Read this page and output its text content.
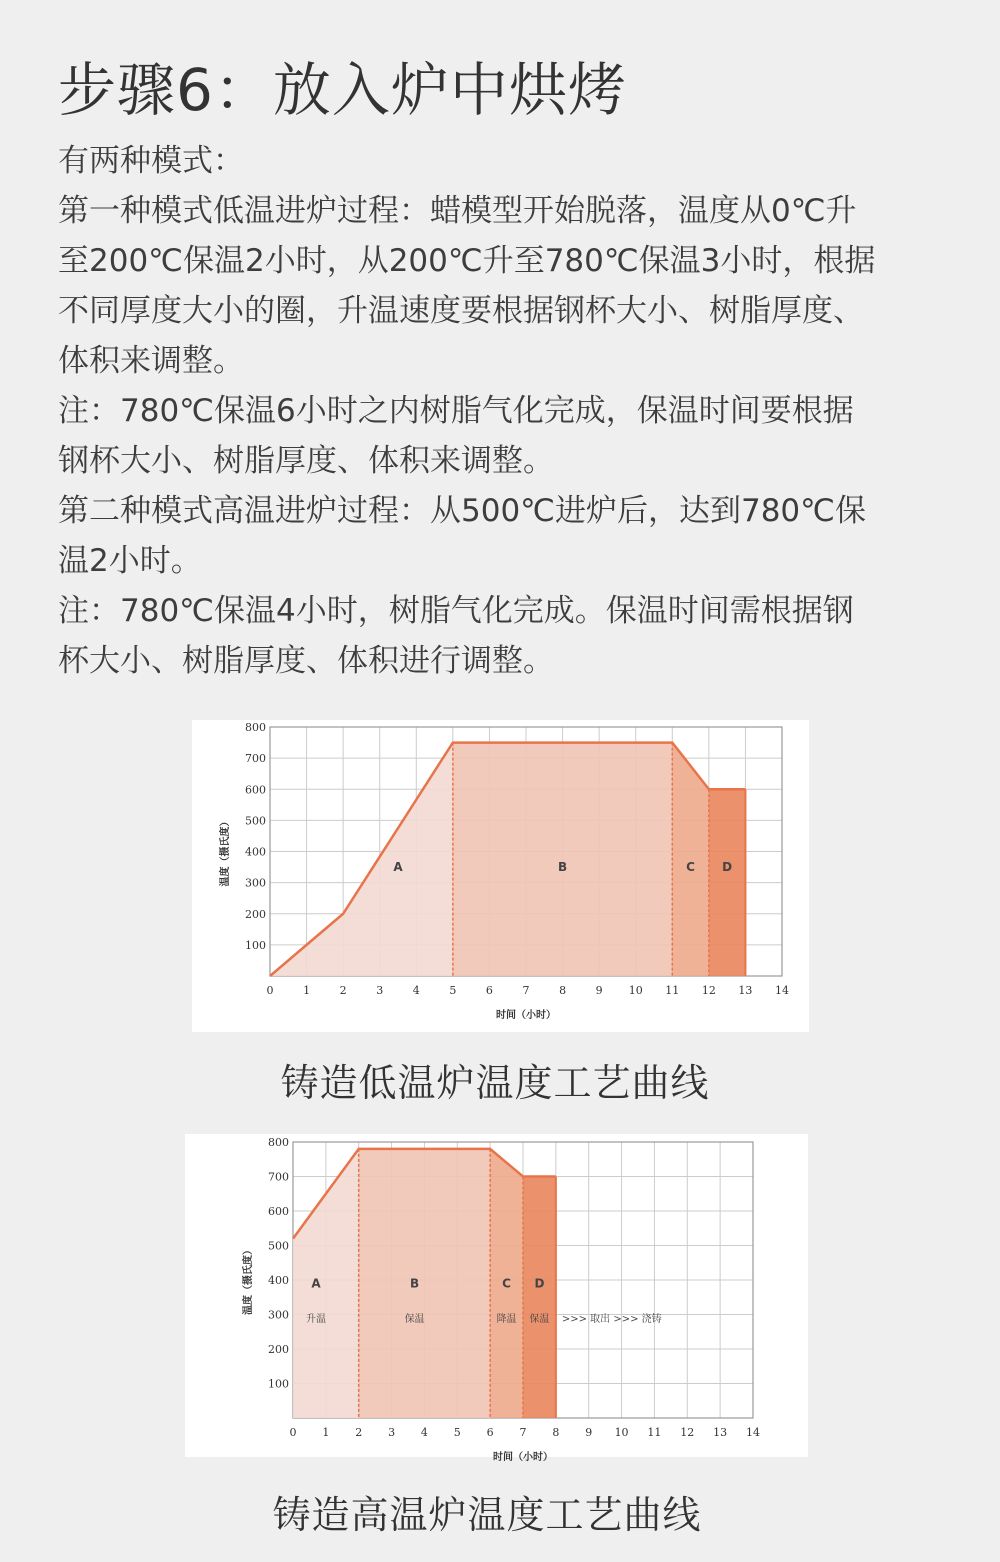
步骤6：放入炉中烘烤
有两种模式：
第一种模式低温进炉过程：蜡模型开始脱落，温度从0℃升
至200℃保温2小时，从200℃升至780℃保温3小时，根据
不同厚度大小的圈，升温速度要根据钢杯大小、树脂厚度、
体积来调整。
注：780℃保温6小时之内树脂气化完成，保温时间要根据
钢杯大小、树脂厚度、体积来调整。
第二种模式高温进炉过程：从500℃进炉后，达到780℃保
温2小时。
注：780℃保温4小时，树脂气化完成。保温时间需根据钢
杯大小、树脂厚度、体积进行调整。
A	B	C D
0	1	2	3	4	5	6	7	8	9 10 11 12 13 14
100
200
300
400
500
600
700
800
时间（小时）
温度（摄氏度）
铸造低温炉温度工艺曲线
A
升温
B
保温
C
降温
D
保温 >>> 取出 >>> 浇铸
0 1 2 3 4 5 6 7 8 9 10 11 12 13 14
100
200
300
400
500
600
700
800
时间（小时）
温度（摄氏度）
铸造高温炉温度工艺曲线
